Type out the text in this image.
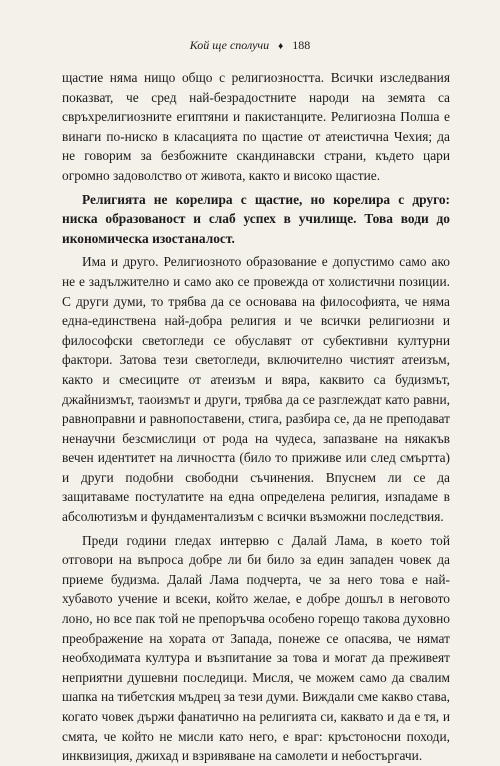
Кой ще сполучи ♦ 188

щастие няма нищо общо с религиозността. Всички изследвания показват, че сред най-безрадостните народи на земята са свръхрелигиозните египтяни и пакистанците. Религиозна Полша е винаги по-ниско в класацията по щастие от атеистична Чехия; да не говорим за безбожните скандинавски страни, където цари огромно задоволство от живота, както и високо щастие.

Религията не корелира с щастие, но корелира с друго: ниска образованост и слаб успех в училище. Това води до икономическа изостаналост.

Има и друго. Религиозното образование е допустимо само ако не е задължително и само ако се провежда от холистични позиции. С други думи, то трябва да се основава на философията, че няма една-единствена най-добра религия и че всички религиозни и философски светогледи се обуславят от субективни културни фактори. Затова тези светогледи, включително чистият атеизъм, както и смесиците от атеизъм и вяра, каквито са будизмът, джайнизмът, таоизмът и други, трябва да се разглеждат като равни, равноправни и равнопоставени, стига, разбира се, да не преподават ненаучни безсмислици от рода на чудеса, запазване на някакъв вечен идентитет на личността (било то приживе или след смъртта) и други подобни свободни съчинения. Впуснем ли се да защитаваме постулатите на една определена религия, изпадаме в абсолютизъм и фундаментализъм с всички възможни последствия.

Преди години гледах интервю с Далай Лама, в което той отговори на въпроса добре ли би било за един западен човек да приеме будизма. Далай Лама подчерта, че за него това е най-хубавото учение и всеки, който желае, е добре дошъл в неговото лоно, но все пак той не препоръчва особено горещо такова духовно преображение на хората от Запада, понеже се опасява, че нямат необходимата култура и възпитание за това и могат да преживеят неприятни душевни последици. Мисля, че можем само да свалим шапка на тибетския мъдрец за тези думи. Виждали сме какво става, когато човек държи фанатично на религията си, каквато и да е тя, и смята, че който не мисли като него, е враг: кръстоносни походи, инквизиция, джихад и взривяване на самолети и небостъргачи.
